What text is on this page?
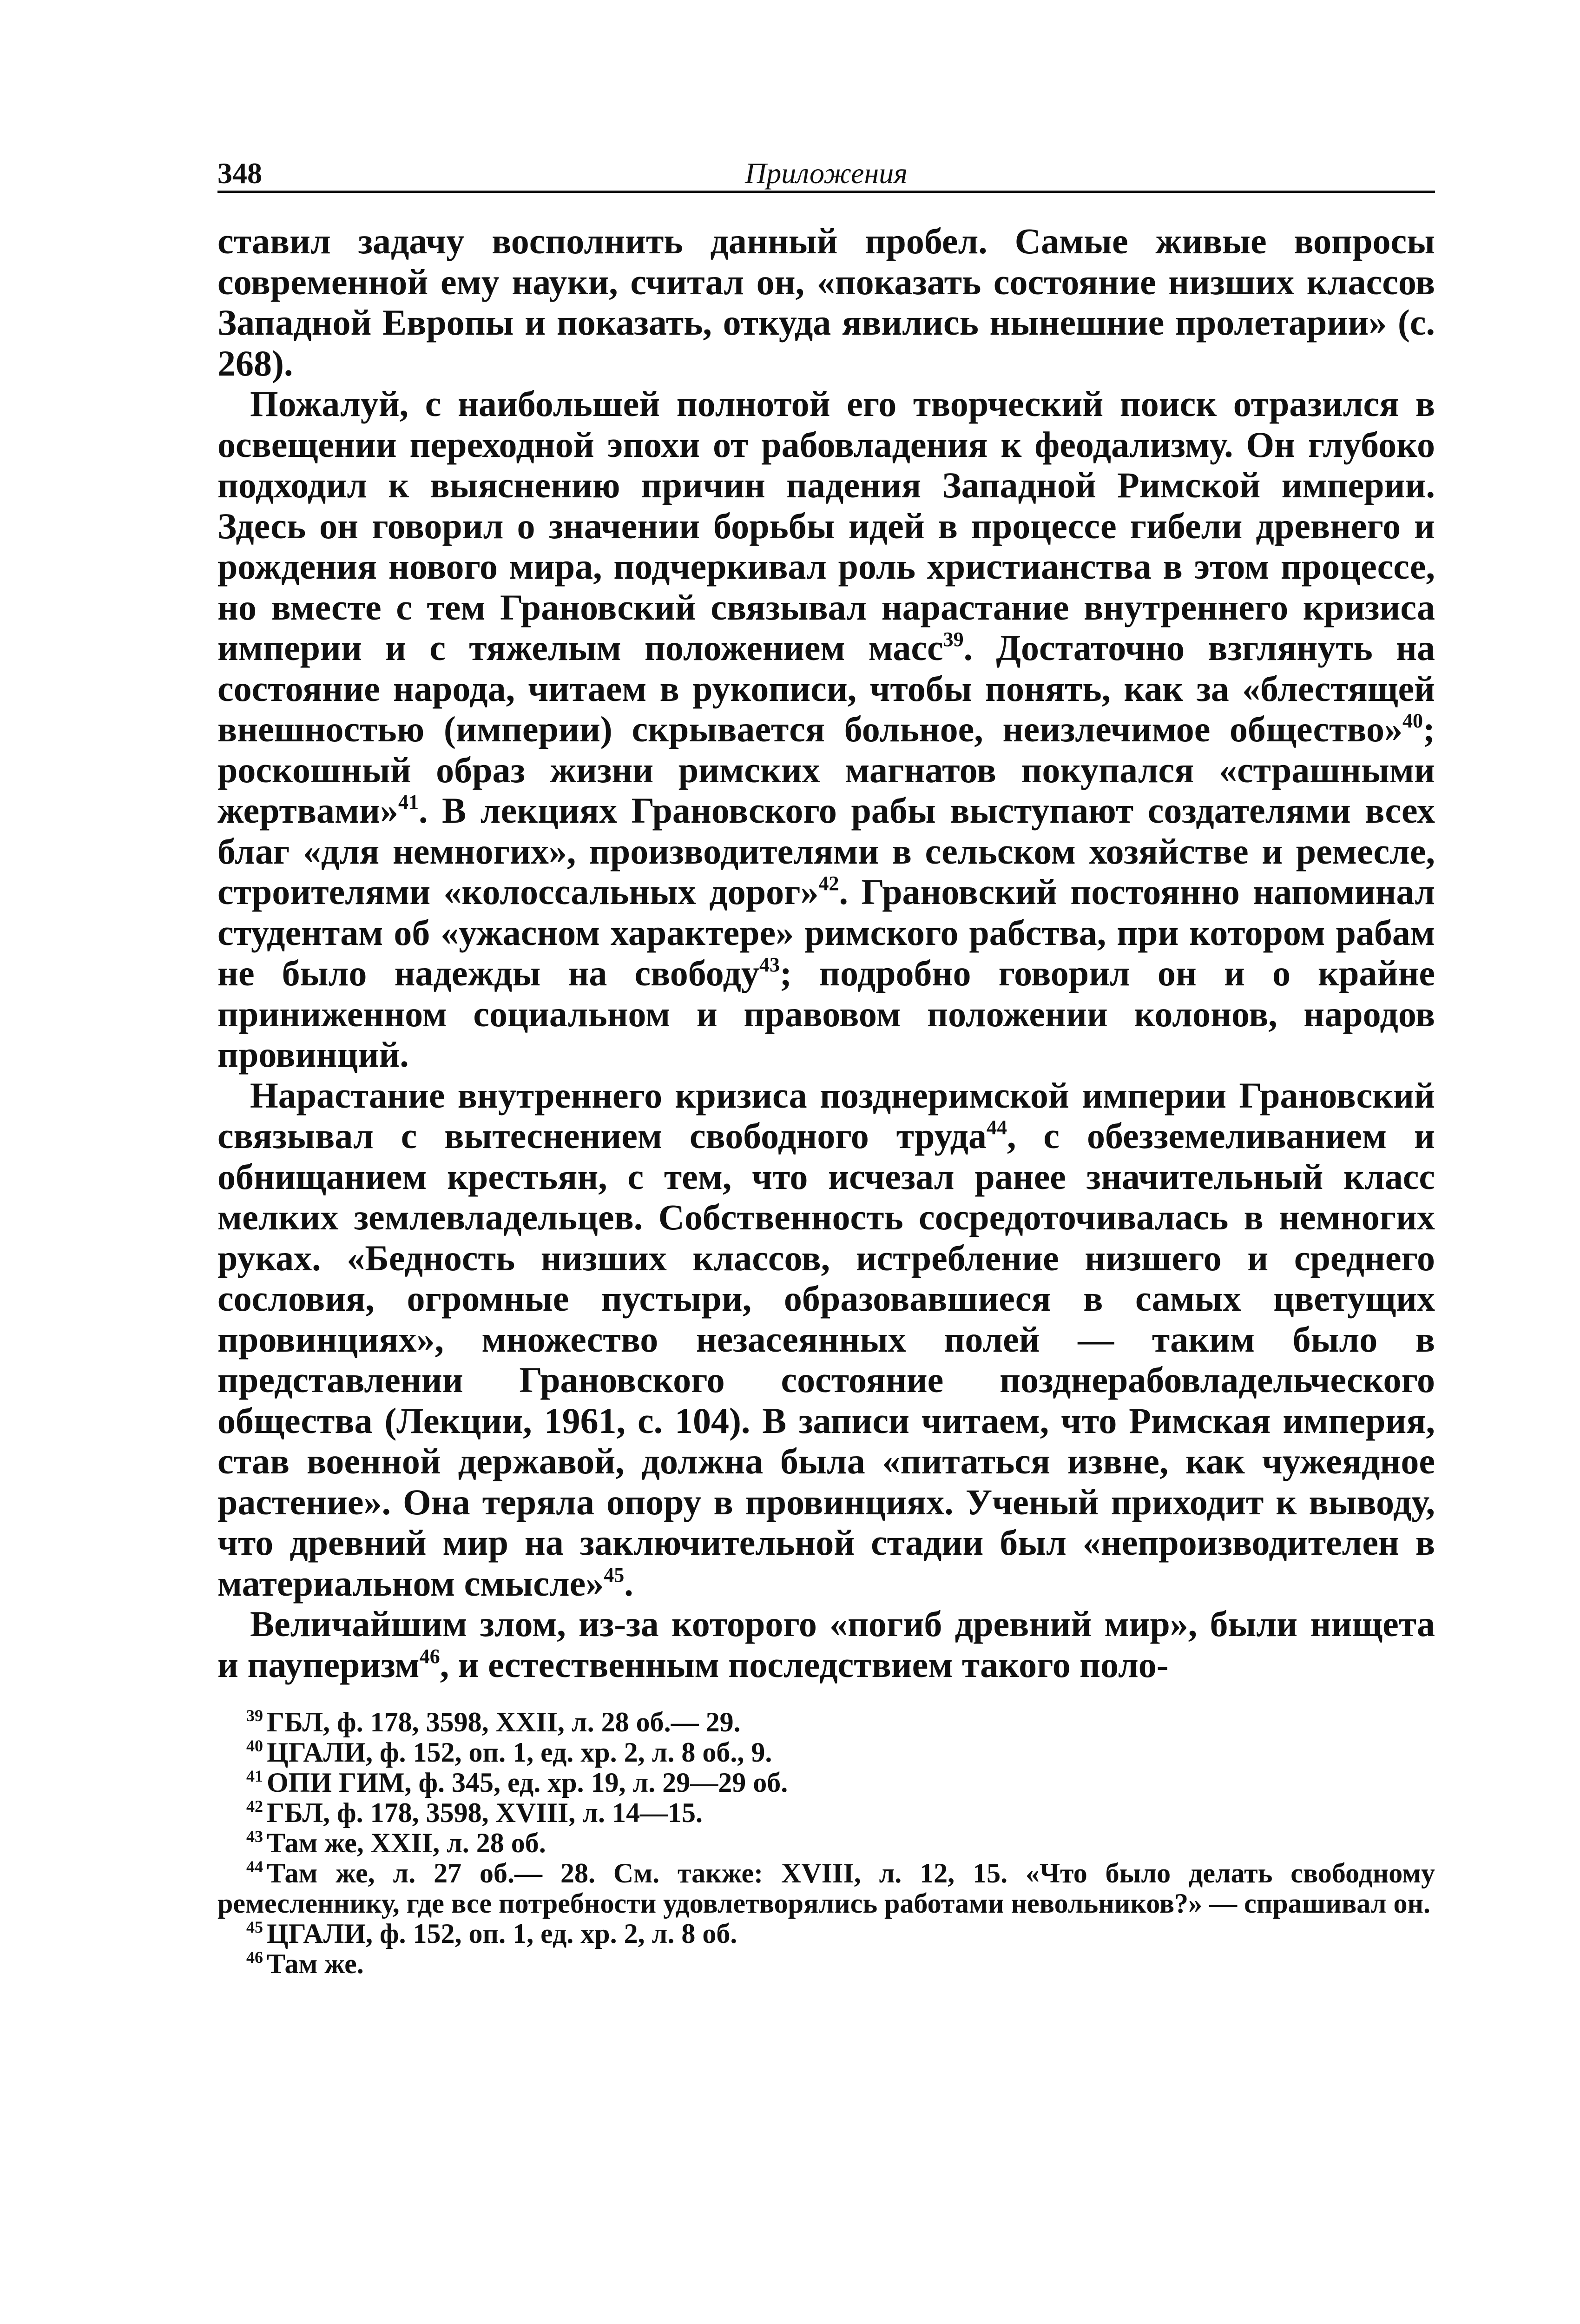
348	Приложения

ставил задачу восполнить данный пробел. Самые живые вопросы современной ему науки, считал он, «показать состояние низших классов Западной Европы и показать, откуда явились нынешние пролетарии» (с. 268).

Пожалуй, с наибольшей полнотой его творческий поиск отразился в освещении переходной эпохи от рабовладения к феодализму. Он глубоко подходил к выяснению причин падения Западной Римской империи. Здесь он говорил о значении борьбы идей в процессе гибели древнего и рождения нового мира, подчеркивал роль христианства в этом процессе, но вместе с тем Грановский связывал нарастание внутреннего кризиса империи и с тяжелым положением масс$^{39}$. Достаточно взглянуть на состояние народа, читаем в рукописи, чтобы понять, как за «блестящей внешностью (империи) скрывается больное, неизлечимое общество»$^{40}$; роскошный образ жизни римских магнатов покупался «страшными жертвами»$^{41}$. В лекциях Грановского рабы выступают создателями всех благ «для немногих», производителями в сельском хозяйстве и ремесле, строителями «колоссальных дорог»$^{42}$. Грановский постоянно напоминал студентам об «ужасном характере» римского рабства, при котором рабам не было надежды на свободу$^{43}$; подробно говорил он и о крайне приниженном социальном и правовом положении колонов, народов провинций.

Нарастание внутреннего кризиса позднеримской империи Грановский связывал с вытеснением свободного труда$^{44}$, с обезземеливанием и обнищанием крестьян, с тем, что исчезал ранее значительный класс мелких землевладельцев. Собственность сосредоточивалась в немногих руках. «Бедность низших классов, истребление низшего и среднего сословия, огромные пустыри, образовавшиеся в самых цветущих провинциях», множество незасеянных полей — таким было в представлении Грановского состояние позднерабовладельческого общества (Лекции, 1961, с. 104). В записи читаем, что Римская империя, став военной державой, должна была «питаться извне, как чужеядное растение». Она теряла опору в провинциях. Ученый приходит к выводу, что древний мир на заключительной стадии был «непроизводителен в материальном смысле»$^{45}$.

Величайшим злом, из-за которого «погиб древний мир», были нищета и пауперизм$^{46}$, и естественным последствием такого поло-

$^{39}$ ГБЛ, ф. 178, 3598, XXII, л. 28 об.— 29.

$^{40}$ ЦГАЛИ, ф. 152, оп. 1, ед. хр. 2, л. 8 об., 9.

$^{41}$ ОПИ ГИМ, ф. 345, ед. хр. 19, л. 29—29 об.

$^{42}$ ГБЛ, ф. 178, 3598, XVIII, л. 14—15.

$^{43}$ Там же, XXII, л. 28 об.

$^{44}$ Там же, л. 27 об.— 28. См. также: XVIII, л. 12, 15. «Что было делать свободному ремесленнику, где все потребности удовлетворялись работами невольников?» — спрашивал он.

$^{45}$ ЦГАЛИ, ф. 152, оп. 1, ед. хр. 2, л. 8 об.

$^{46}$ Там же.
